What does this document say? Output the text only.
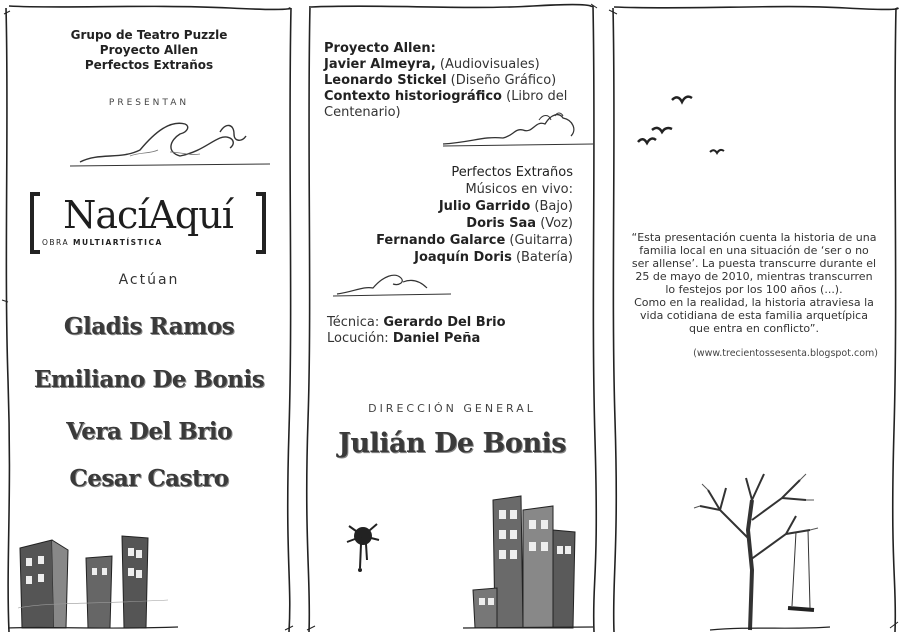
Grupo de Teatro Puzzle
Proyecto Allen
Perfectos Extraños
PRESENTAN
NacíAquí
OBRA MULTIARTÍSTICA
Actúan
Gladis Ramos
Emiliano De Bonis
Vera Del Brio
Cesar Castro
Proyecto Allen:
Javier Almeyra, (Audiovisuales)
Leonardo Stickel (Diseño Gráfico)
Contexto historiográfico (Libro del Centenario)
Perfectos Extraños
Músicos en vivo:
Julio Garrido (Bajo)
Doris Saa (Voz)
Fernando Galarce (Guitarra)
Joaquín Doris (Batería)
Técnica: Gerardo Del Brio
Locución: Daniel Peña
DIRECCIÓN GENERAL
Julián De Bonis
“Esta presentación cuenta la historia de una
familia local en una situación de ‘ser o no
ser allense’. La puesta transcurre durante el
25 de mayo de 2010, mientras transcurren
lo festejos por los 100 años (...).
Como en la realidad, la historia atraviesa la
vida cotidiana de esta familia arquetípica
que entra en conflicto”.
(www.trecientossesenta.blogspot.com)
